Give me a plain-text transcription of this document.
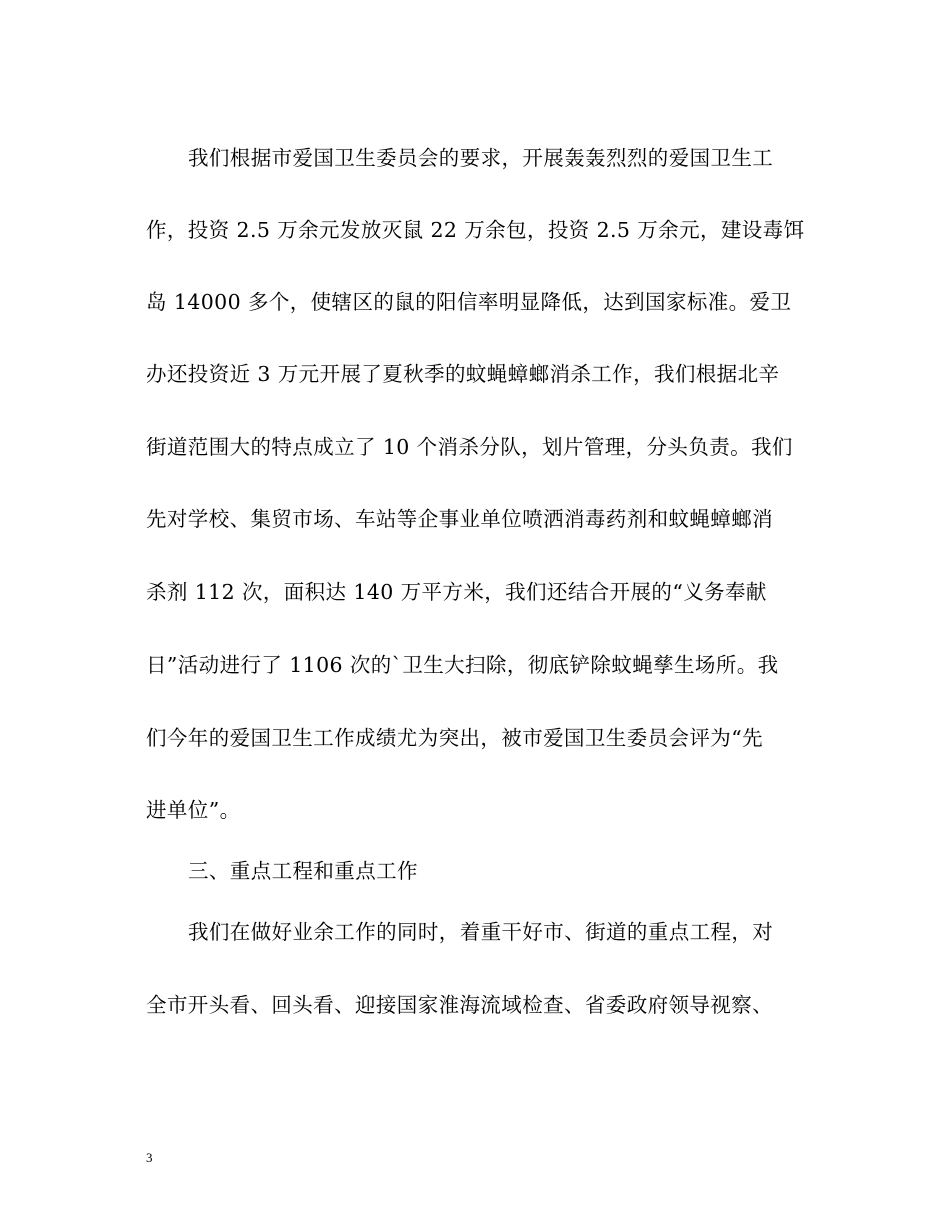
我们根据市爱国卫生委员会的要求，开展轰轰烈烈的爱国卫生工
作，投资 2.5 万余元发放灭鼠 22 万余包，投资 2.5 万余元，建设毒饵
岛 14000 多个，使辖区的鼠的阳信率明显降低，达到国家标准。爱卫
办还投资近 3 万元开展了夏秋季的蚊蝇蟑螂消杀工作，我们根据北辛
街道范围大的特点成立了 10 个消杀分队，划片管理，分头负责。我们
先对学校、集贸市场、车站等企事业单位喷洒消毒药剂和蚊蝇蟑螂消
杀剂 112 次，面积达 140 万平方米，我们还结合开展的“义务奉献
日”活动进行了 1106 次的`卫生大扫除，彻底铲除蚊蝇孳生场所。我
们今年的爱国卫生工作成绩尤为突出，被市爱国卫生委员会评为“先
进单位”。
三、重点工程和重点工作
我们在做好业余工作的同时，着重干好市、街道的重点工程，对
全市开头看、回头看、迎接国家淮海流域检查、省委政府领导视察、
3
